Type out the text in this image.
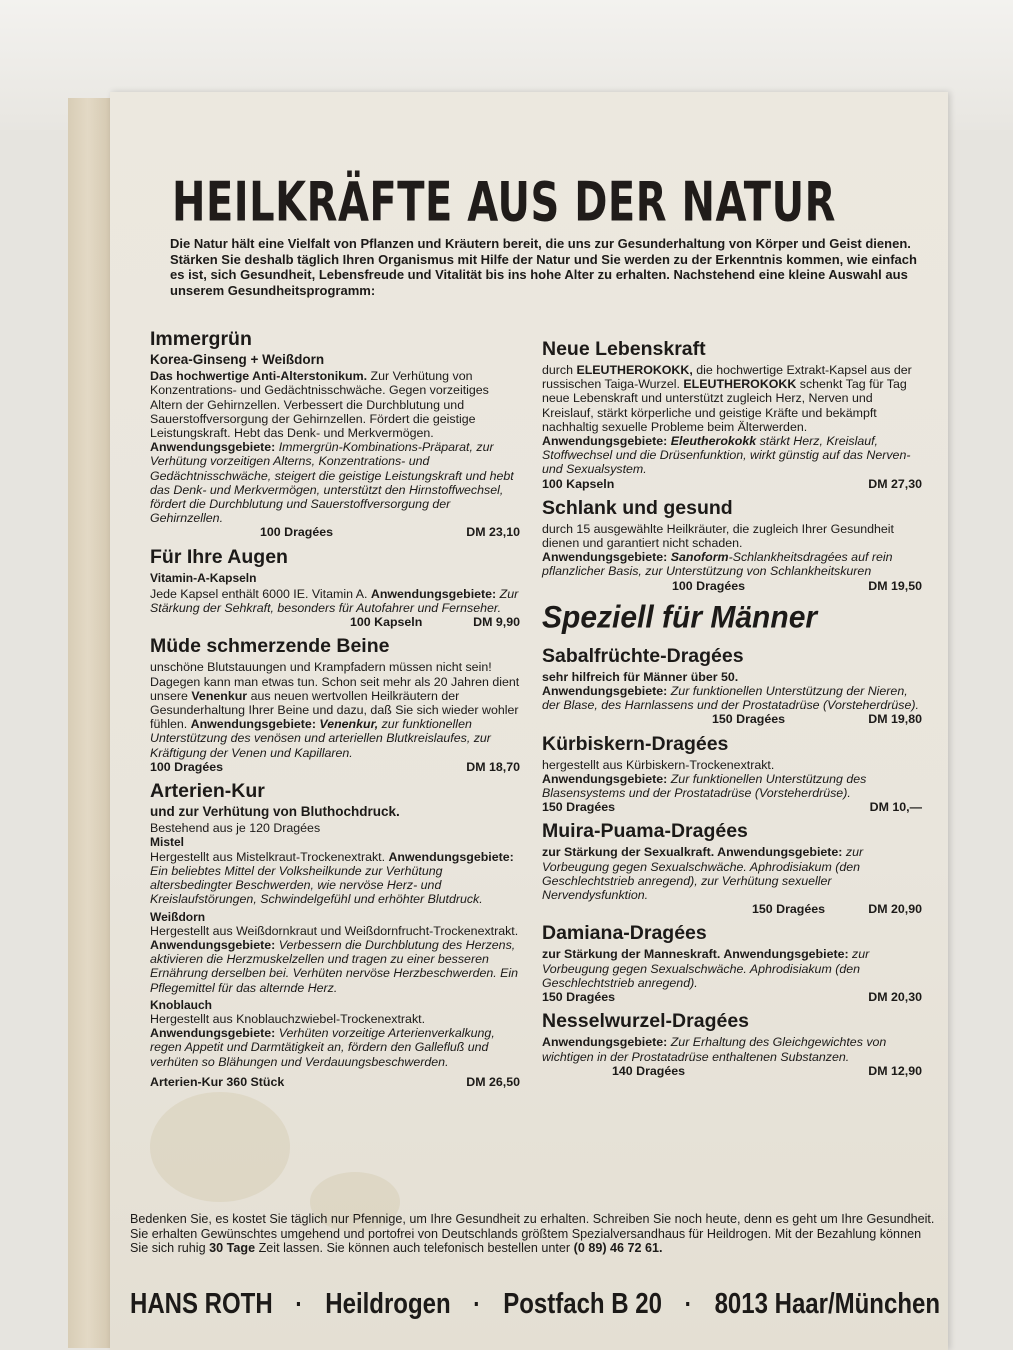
HEILKRÄFTE AUS DER NATUR

Die Natur hält eine Vielfalt von Pflanzen und Kräutern bereit, die uns zur Gesunderhaltung von Körper und Geist dienen. Stärken Sie deshalb täglich Ihren Organismus mit Hilfe der Natur und Sie werden zu der Erkenntnis kommen, wie einfach es ist, sich Gesundheit, Lebensfreude und Vitalität bis ins hohe Alter zu erhalten. Nachstehend eine kleine Auswahl aus unserem Gesundheitsprogramm:

Immergrün

Korea-Ginseng + Weißdorn

Das hochwertige Anti-Alterstonikum. Zur Verhütung von Konzentrations- und Gedächtnisschwäche. Gegen vorzeitiges Altern der Gehirnzellen. Verbessert die Durchblutung und Sauerstoffversorgung der Gehirnzellen. Fördert die geistige Leistungskraft. Hebt das Denk- und Merkvermögen. Anwendungsgebiete: Immergrün-Kombinations-Präparat, zur Verhütung vorzeitigen Alterns, Konzentrations- und Gedächtnisschwäche, steigert die geistige Leistungskraft und hebt das Denk- und Merkvermögen, unterstützt den Hirnstoffwechsel, fördert die Durchblutung und Sauerstoffversorgung der Gehirnzellen.

100 Dragées	DM 23,10
Für Ihre Augen

Vitamin-A-Kapseln

Jede Kapsel enthält 6000 IE. Vitamin A. Anwendungsgebiete: Zur Stärkung der Sehkraft, besonders für Autofahrer und Fernseher.

100 Kapseln	DM 9,90
Müde schmerzende Beine

unschöne Blutstauungen und Krampfadern müssen nicht sein! Dagegen kann man etwas tun. Schon seit mehr als 20 Jahren dient unsere Venenkur aus neuen wertvollen Heilkräutern der Gesunderhaltung Ihrer Beine und dazu, daß Sie sich wieder wohler fühlen. Anwendungsgebiete: Venenkur, zur funktionellen Unterstützung des venösen und arteriellen Blutkreislaufes, zur Kräftigung der Venen und Kapillaren.

100 Dragées	DM 18,70
Arterien-Kur

und zur Verhütung von Bluthochdruck.

Bestehend aus je 120 Dragées

Mistel

Hergestellt aus Mistelkraut-Trockenextrakt. Anwendungsgebiete: Ein beliebtes Mittel der Volksheilkunde zur Verhütung altersbedingter Beschwerden, wie nervöse Herz- und Kreislaufstörungen, Schwindelgefühl und erhöhter Blutdruck.

Weißdorn

Hergestellt aus Weißdornkraut und Weißdornfrucht-Trockenextrakt. Anwendungsgebiete: Verbessern die Durchblutung des Herzens, aktivieren die Herzmuskelzellen und tragen zu einer besseren Ernährung derselben bei. Verhüten nervöse Herzbeschwerden. Ein Pflegemittel für das alternde Herz.

Knoblauch

Hergestellt aus Knoblauchzwiebel-Trockenextrakt. Anwendungsgebiete: Verhüten vorzeitige Arterienverkalkung, regen Appetit und Darmtätigkeit an, fördern den Gallefluß und verhüten so Blähungen und Verdauungsbeschwerden.

Arterien-Kur 360 Stück	DM 26,50
Neue Lebenskraft

durch ELEUTHEROKOKK, die hochwertige Extrakt-Kapsel aus der russischen Taiga-Wurzel. ELEUTHEROKOKK schenkt Tag für Tag neue Lebenskraft und unterstützt zugleich Herz, Nerven und Kreislauf, stärkt körperliche und geistige Kräfte und bekämpft nachhaltig sexuelle Probleme beim Älterwerden.

Anwendungsgebiete: Eleutherokokk stärkt Herz, Kreislauf, Stoffwechsel und die Drüsenfunktion, wirkt günstig auf das Nerven- und Sexualsystem.

100 Kapseln	DM 27,30
Schlank und gesund

durch 15 ausgewählte Heilkräuter, die zugleich Ihrer Gesundheit dienen und garantiert nicht schaden.

Anwendungsgebiete: Sanoform-Schlankheitsdragées auf rein pflanzlicher Basis, zur Unterstützung von Schlankheitskuren

100 Dragées	DM 19,50
Speziell für Männer
Sabalfrüchte-Dragées

sehr hilfreich für Männer über 50.

Anwendungsgebiete: Zur funktionellen Unterstützung der Nieren, der Blase, des Harnlassens und der Prostatadrüse (Vorsteherdrüse).

150 Dragées	DM 19,80
Kürbiskern-Dragées

hergestellt aus Kürbiskern-Trockenextrakt.

Anwendungsgebiete: Zur funktionellen Unterstützung des Blasensystems und der Prostatadrüse (Vorsteherdrüse).

150 Dragées	DM 10,—
Muira-Puama-Dragées

zur Stärkung der Sexualkraft. Anwendungsgebiete: zur Vorbeugung gegen Sexualschwäche. Aphrodisiakum (den Geschlechtstrieb anregend), zur Verhütung sexueller Nervendysfunktion.

150 Dragées	DM 20,90
Damiana-Dragées

zur Stärkung der Manneskraft. Anwendungsgebiete: zur Vorbeugung gegen Sexualschwäche. Aphrodisiakum (den Geschlechtstrieb anregend).

150 Dragées	DM 20,30
Nesselwurzel-Dragées

Anwendungsgebiete: Zur Erhaltung des Gleichgewichtes von wichtigen in der Prostatadrüse enthaltenen Substanzen.

140 Dragées	DM 12,90

Bedenken Sie, es kostet Sie täglich nur Pfennige, um Ihre Gesundheit zu erhalten. Schreiben Sie noch heute, denn es geht um Ihre Gesundheit. Sie erhalten Gewünschtes umgehend und portofrei von Deutschlands größtem Spezialversandhaus für Heildrogen. Mit der Bezahlung können Sie sich ruhig 30 Tage Zeit lassen. Sie können auch telefonisch bestellen unter (0 89) 46 72 61.

HANS ROTH · Heildrogen · Postfach B 20 · 8013 Haar/München
